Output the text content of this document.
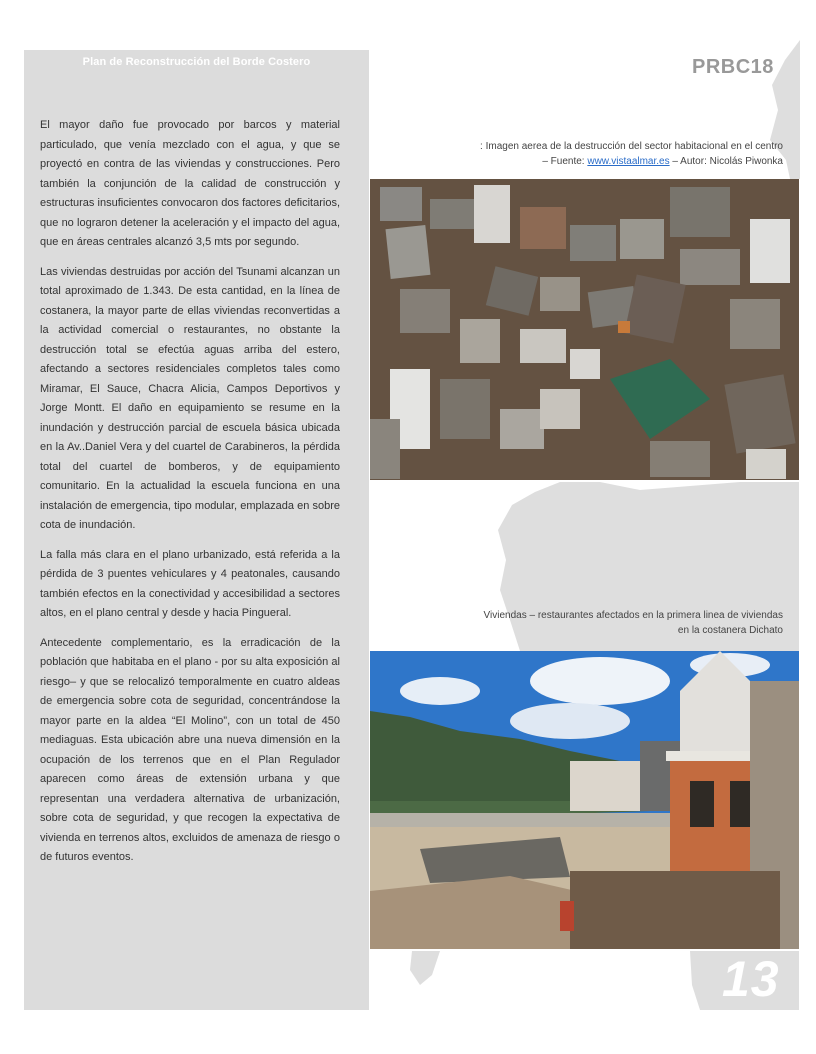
Plan de Reconstrucción del Borde Costero

El mayor daño fue provocado por barcos y material particulado, que venía mezclado con el agua, y que se proyectó en contra de las viviendas y construcciones. Pero también la conjunción de la calidad de construcción y estructuras insuficientes convocaron dos factores deficitarios, que no lograron detener la aceleración y el impacto del agua, que en áreas centrales alcanzó 3,5 mts por segundo.

Las viviendas destruidas por acción del Tsunami alcanzan un total aproximado de 1.343. De esta cantidad, en la línea de costanera, la mayor parte de ellas viviendas reconvertidas a la actividad comercial o restaurantes, no obstante la destrucción total se efectúa aguas arriba del estero, afectando a sectores residenciales completos tales como Miramar, El Sauce, Chacra Alicia, Campos Deportivos y Jorge Montt. El daño en equipamiento se resume en la inundación y destrucción parcial de escuela básica ubicada en la Av..Daniel Vera y del cuartel de Carabineros, la pérdida total del cuartel de bomberos, y de equipamiento comunitario. En la actualidad la escuela funciona en una instalación de emergencia, tipo modular, emplazada en sobre cota de inundación.

La falla más clara en el plano urbanizado, está referida a la pérdida de 3 puentes vehiculares y 4 peatonales, causando también efectos en la conectividad y accesibilidad a sectores altos, en el plano central y desde y hacia Pingueral.

Antecedente complementario, es la erradicación de la población que habitaba en el plano - por su alta exposición al riesgo– y que se relocalizó temporalmente en cuatro aldeas de emergencia sobre cota de seguridad, concentrándose la mayor parte en la aldea “El Molino”, con un total de 450 mediaguas. Esta ubicación abre una nueva dimensión en la ocupación de los terrenos que en el Plan Regulador aparecen como áreas de extensión urbana y que representan una verdadera alternativa de urbanización, sobre cota de seguridad, y que recogen la expectativa de vivienda en terrenos altos, excluidos de amenaza de riesgo o de futuros eventos.

PRBC18
: Imagen aerea de la destrucción del sector habitacional en el centro
– Fuente: www.vistaalmar.es – Autor: Nicolás Piwonka
Viviendas – restaurantes afectados en la primera linea de viviendas
en la costanera Dichato
13
